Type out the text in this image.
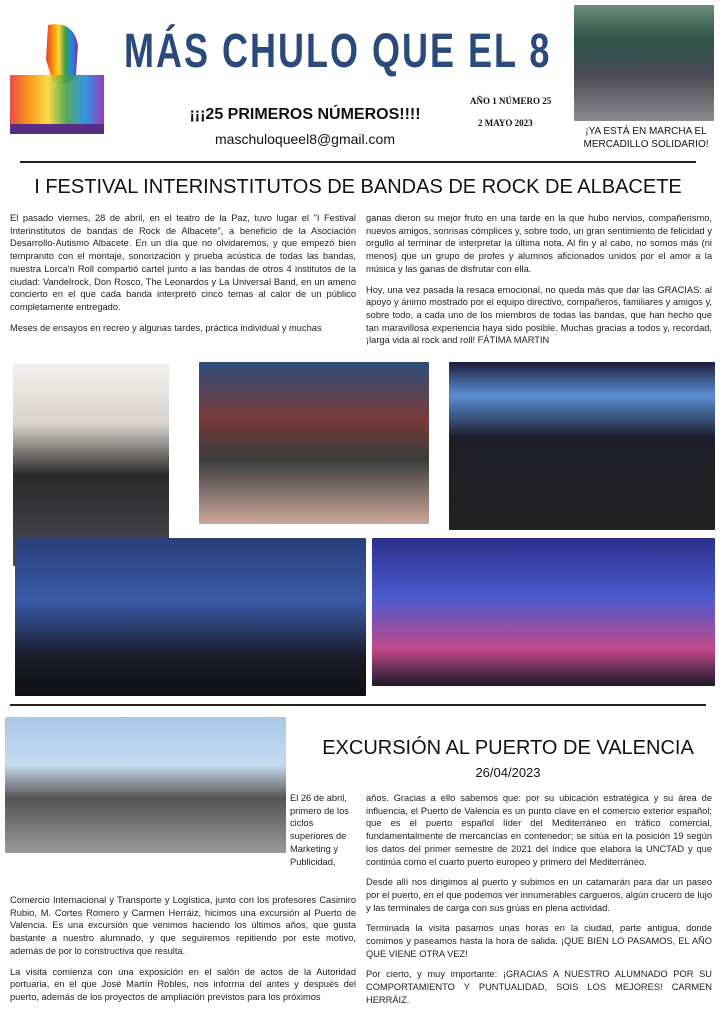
MÁS CHULO QUE EL 8
¡¡¡25 PRIMEROS NÚMEROS!!!!
maschuloqueel8@gmail.com
AÑO 1 NÚMERO 25
2 MAYO 2023
¡YA ESTÁ EN MARCHA EL MERCADILLO SOLIDARIO!
I FESTIVAL INTERINSTITUTOS DE BANDAS DE ROCK DE ALBACETE

El pasado viernes, 28 de abril, en el teatro de la Paz, tuvo lugar el "I Festival Interinstitutos de bandas de Rock de Albacete", a beneficio de la Asociación Desarrollo-Autismo Albacete. En un día que no olvidaremos, y que empezó bien tempranito con el montaje, sonorización y prueba acústica de todas las bandas, nuestra Lorca'n Roll compartió cartel junto a las bandas de otros 4 institutos de la ciudad: Vandelrock, Don Rosco, The Leonardos y La Universal Band, en un ameno concierto en el que cada banda interpretó cinco temas al calor de un público completamente entregado.

Meses de ensayos en recreo y algunas tardes, práctica individual y muchas

ganas dieron su mejor fruto en una tarde en la que hubo nervios, compañerismo, nuevos amigos, sonrisas cómplices y, sobre todo, un gran sentimiento de felicidad y orgullo al terminar de interpretar la última nota. Al fin y al cabo, no somos más (ni menos) que un grupo de profes y alumnos aficionados unidos por el amor a la música y las ganas de disfrutar con ella.

Hoy, una vez pasada la resaca emocional, no queda más que dar las GRACIAS: al apoyo y ánimo mostrado por el equipo directivo, compañeros, familiares y amigos y, sobre todo, a cada uno de los miembros de todas las bandas, que han hecho que tan maravillosa experiencia haya sido posible. Muchas gracias a todos y, recordad, ¡larga vida al rock and roll! FÁTIMA MARTIN

EXCURSIÓN AL PUERTO DE VALENCIA
26/04/2023
El 26 de abril, primero de los ciclos superiores de Marketing y Publicidad,

Comercio Internacional y Transporte y Logística, junto con los profesores Casimiro Rubio, M. Cortes Romero y Carmen Herráiz, hicimos una excursión al Puerto de Valencia. Es una excursión que venimos haciendo los últimos años, que gusta bastante a nuestro alumnado, y que seguiremos repitiendo por este motivo, además de por lo constructiva que resulta.

La visita comienza con una exposición en el salón de actos de la Autoridad portuaria, en el que José Martín Robles, nos informa del antes y después del puerto, además de los proyectos de ampliación previstos para los próximos

años. Gracias a ello sabemos que: por su ubicación estratégica y su área de influencia, el Puerto de Valencia es un punto clave en el comercio exterior español; que es el puerto español líder del Mediterráneo en tráfico comercial, fundamentalmente de mercancías en contenedor; se sitúa en la posición 19 según los datos del primer semestre de 2021 del índice que elabora la UNCTAD y que continúa como el cuarto puerto europeo y primero del Mediterráneo.

Desde allí nos dirigimos al puerto y subimos en un catamarán para dar un paseo por el puerto, en el que podemos ver innumerables cargueros, algún crucero de lujo y las terminales de carga con sus grúas en plena actividad.

Terminada la visita pasamos unas horas en la ciudad, parte antigua, donde comimos y paseamos hasta la hora de salida. ¡QUE BIEN LO PASAMOS, EL AÑO QUE VIENE OTRA VEZ!

Por cierto, y muy importante: ¡GRACIAS A NUESTRO ALUMNADO POR SU COMPORTAMIENTO Y PUNTUALIDAD, SOIS LOS MEJORES! CARMEN HERRÁIZ.
